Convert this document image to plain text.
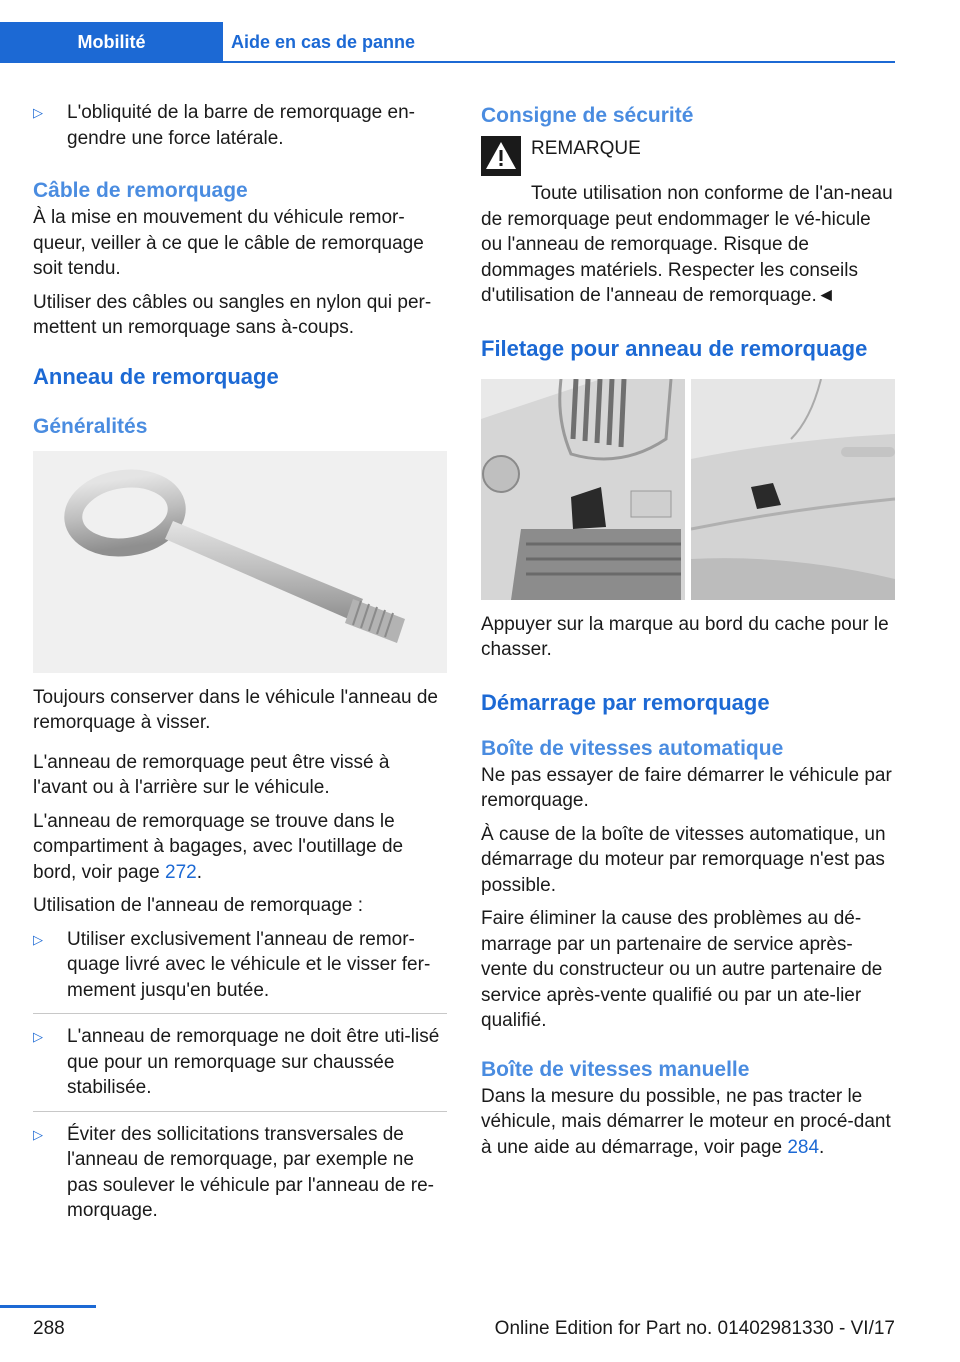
Mobilité	Aide en cas de panne
▷	L'obliquité de la barre de remorquage en-gendre une force latérale.

Câble de remorquage

À la mise en mouvement du véhicule remor-queur, veiller à ce que le câble de remorquage soit tendu.

Utiliser des câbles ou sangles en nylon qui per-mettent un remorquage sans à-coups.

Anneau de remorquage
Généralités

Toujours conserver dans le véhicule l'anneau de remorquage à visser.

L'anneau de remorquage peut être vissé à l'avant ou à l'arrière sur le véhicule.

L'anneau de remorquage se trouve dans le compartiment à bagages, avec l'outillage de bord, voir page 272.

Utilisation de l'anneau de remorquage :

▷	Utiliser exclusivement l'anneau de remor-quage livré avec le véhicule et le visser fer-mement jusqu'en butée.

▷	L'anneau de remorquage ne doit être uti-lisé que pour un remorquage sur chaussée stabilisée.

▷	Éviter des sollicitations transversales de l'anneau de remorquage, par exemple ne pas soulever le véhicule par l'anneau de re-morquage.

Consigne de sécurité

REMARQUE

Toute utilisation non conforme de l'an-neau de remorquage peut endommager le vé-hicule ou l'anneau de remorquage. Risque de dommages matériels. Respecter les conseils d'utilisation de l'anneau de remorquage.◄

Filetage pour anneau de remorquage

Appuyer sur la marque au bord du cache pour le chasser.

Démarrage par remorquage
Boîte de vitesses automatique

Ne pas essayer de faire démarrer le véhicule par remorquage.

À cause de la boîte de vitesses automatique, un démarrage du moteur par remorquage n'est pas possible.

Faire éliminer la cause des problèmes au dé-marrage par un partenaire de service après-vente du constructeur ou un autre partenaire de service après-vente qualifié ou par un ate-lier qualifié.

Boîte de vitesses manuelle

Dans la mesure du possible, ne pas tracter le véhicule, mais démarrer le moteur en procé-dant à une aide au démarrage, voir page 284.

288	Online Edition for Part no. 01402981330 - VI/17
